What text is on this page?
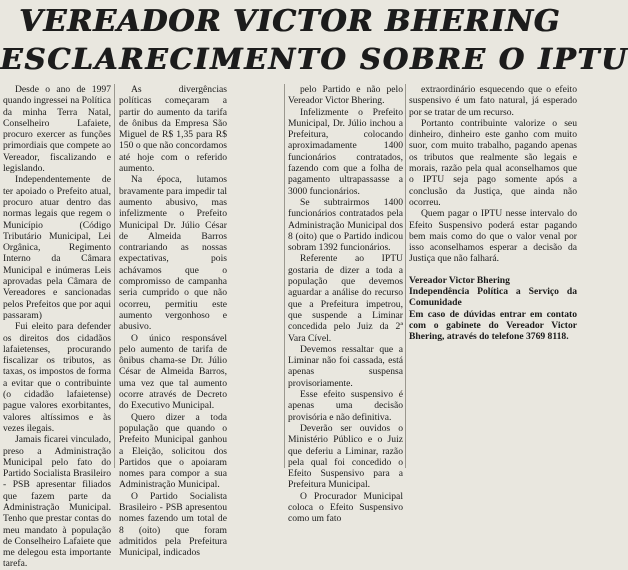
VEREADOR VICTOR BHERING
ESCLARECIMENTO SOBRE O IPTU

Desde o ano de 1997 quando ingressei na Política da minha Terra Natal, Conselheiro Lafaiete, procuro exercer as funções primordiais que compete ao Vereador, fiscalizando e legislando.

Independentemente de ter apoiado o Prefeito atual, procuro atuar dentro das normas legais que regem o Município (Código Tributário Municipal, Lei Orgânica, Regimento Interno da Câmara Municipal e inúmeras Leis aprovadas pela Câmara de Vereadores e sancionadas pelos Prefeitos que por aqui passaram)

Fui eleito para defender os direitos dos cidadãos lafaietenses, procurando fiscalizar os tributos, as taxas, os impostos de forma a evitar que o contribuinte (o cidadão lafaietense) pague valores exorbitantes, valores altíssimos e às vezes ilegais.

Jamais ficarei vinculado, preso a Administração Municipal pelo fato do Partido Socialista Brasileiro - PSB apresentar filiados que fazem parte da Administração Municipal. Tenho que prestar contas do meu mandato à população de Conselheiro Lafaiete que me delegou esta importante tarefa.

As divergências políticas começaram a partir do aumento da tarifa de ônibus da Empresa São Miguel de R$ 1,35 para R$ 150 o que não concordamos até hoje com o referido aumento.

Na época, lutamos bravamente para impedir tal aumento abusivo, mas infelizmente o Prefeito Municipal Dr. Júlio César de Almeida Barros contrariando as nossas expectativas, pois achávamos que o compromisso de campanha seria cumprido o que não ocorreu, permitiu este aumento vergonhoso e abusivo.

O único responsável pelo aumento de tarifa de ônibus chama-se Dr. Júlio César de Almeida Barros, uma vez que tal aumento ocorre através de Decreto do Executivo Municipal.

Quero dizer a toda população que quando o Prefeito Municipal ganhou a Eleição, solicitou dos Partidos que o apoiaram nomes para compor a sua Administração Municipal.

O Partido Socialista Brasileiro - PSB apresentou nomes fazendo um total de 8 (oito) que foram admitidos pela Prefeitura Municipal, indicados

pelo Partido e não pelo Vereador Victor Bhering.

Infelizmente o Prefeito Municipal, Dr. Júlio inchou a Prefeitura, colocando aproximadamente 1400 funcionários contratados, fazendo com que a folha de pagamento ultrapassasse a 3000 funcionários.

Se subtrairmos 1400 funcionários contratados pela Administração Municipal dos 8 (oito) que o Partido indicou sobram 1392 funcionários.

Referente ao IPTU gostaria de dizer a toda a população que devemos aguardar a análise do recurso que a Prefeitura impetrou, que suspende a Liminar concedida pelo Juiz da 2ª Vara Cível.

Devemos ressaltar que a Liminar não foi cassada, está apenas suspensa provisoriamente.

Esse efeito suspensivo é apenas uma decisão provisória e não definitiva.

Deverão ser ouvidos o Ministério Público e o Juiz que deferiu a Liminar, razão pela qual foi concedido o Efeito Suspensivo para a Prefeitura Municipal.

O Procurador Municipal coloca o Efeito Suspensivo como um fato

extraordinário esquecendo que o efeito suspensivo é um fato natural, já esperado por se tratar de um recurso.

Portanto contribuinte valorize o seu dinheiro, dinheiro este ganho com muito suor, com muito trabalho, pagando apenas os tributos que realmente são legais e morais, razão pela qual aconselhamos que o IPTU seja pago somente após a conclusão da Justiça, que ainda não ocorreu.

Quem pagar o IPTU nesse intervalo do Efeito Suspensivo poderá estar pagando bem mais como do que o valor venal por isso aconselhamos esperar a decisão da Justiça que não falhará.

Vereador Victor Bhering

Independência Política a Serviço da Comunidade

Em caso de dúvidas entrar em contato com o gabinete do Vereador Victor Bhering, através do telefone 3769 8118.
